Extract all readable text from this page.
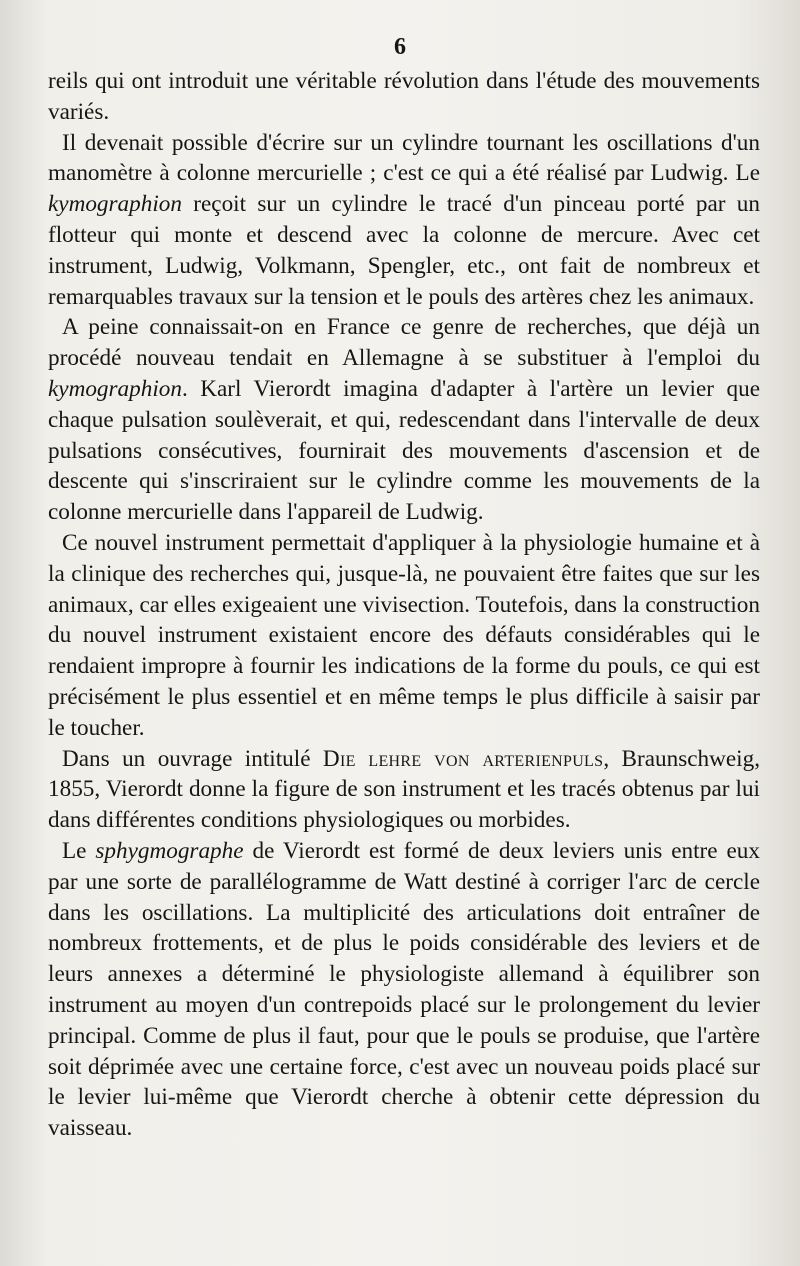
6

reils qui ont introduit une véritable révolution dans l'étude des mouvements variés.

Il devenait possible d'écrire sur un cylindre tournant les oscillations d'un manomètre à colonne mercurielle ; c'est ce qui a été réalisé par Ludwig. Le kymographion reçoit sur un cylindre le tracé d'un pinceau porté par un flotteur qui monte et descend avec la colonne de mercure. Avec cet instrument, Ludwig, Volkmann, Spengler, etc., ont fait de nombreux et remarquables travaux sur la tension et le pouls des artères chez les animaux.

A peine connaissait-on en France ce genre de recherches, que déjà un procédé nouveau tendait en Allemagne à se substituer à l'emploi du kymographion. Karl Vierordt imagina d'adapter à l'artère un levier que chaque pulsation soulèverait, et qui, redescendant dans l'intervalle de deux pulsations consécutives, fournirait des mouvements d'ascension et de descente qui s'inscriraient sur le cylindre comme les mouvements de la colonne mercurielle dans l'appareil de Ludwig.

Ce nouvel instrument permettait d'appliquer à la physiologie humaine et à la clinique des recherches qui, jusque-là, ne pouvaient être faites que sur les animaux, car elles exigeaient une vivisection. Toutefois, dans la construction du nouvel instrument existaient encore des défauts considérables qui le rendaient impropre à fournir les indications de la forme du pouls, ce qui est précisément le plus essentiel et en même temps le plus difficile à saisir par le toucher.

Dans un ouvrage intitulé Die lehre von arterienpuls, Braunschweig, 1855, Vierordt donne la figure de son instrument et les tracés obtenus par lui dans différentes conditions physiologiques ou morbides.

Le sphygmographe de Vierordt est formé de deux leviers unis entre eux par une sorte de parallélogramme de Watt destiné à corriger l'arc de cercle dans les oscillations. La multiplicité des articulations doit entraîner de nombreux frottements, et de plus le poids considérable des leviers et de leurs annexes a déterminé le physiologiste allemand à équilibrer son instrument au moyen d'un contrepoids placé sur le prolongement du levier principal. Comme de plus il faut, pour que le pouls se produise, que l'artère soit déprimée avec une certaine force, c'est avec un nouveau poids placé sur le levier lui-même que Vierordt cherche à obtenir cette dépression du vaisseau.
